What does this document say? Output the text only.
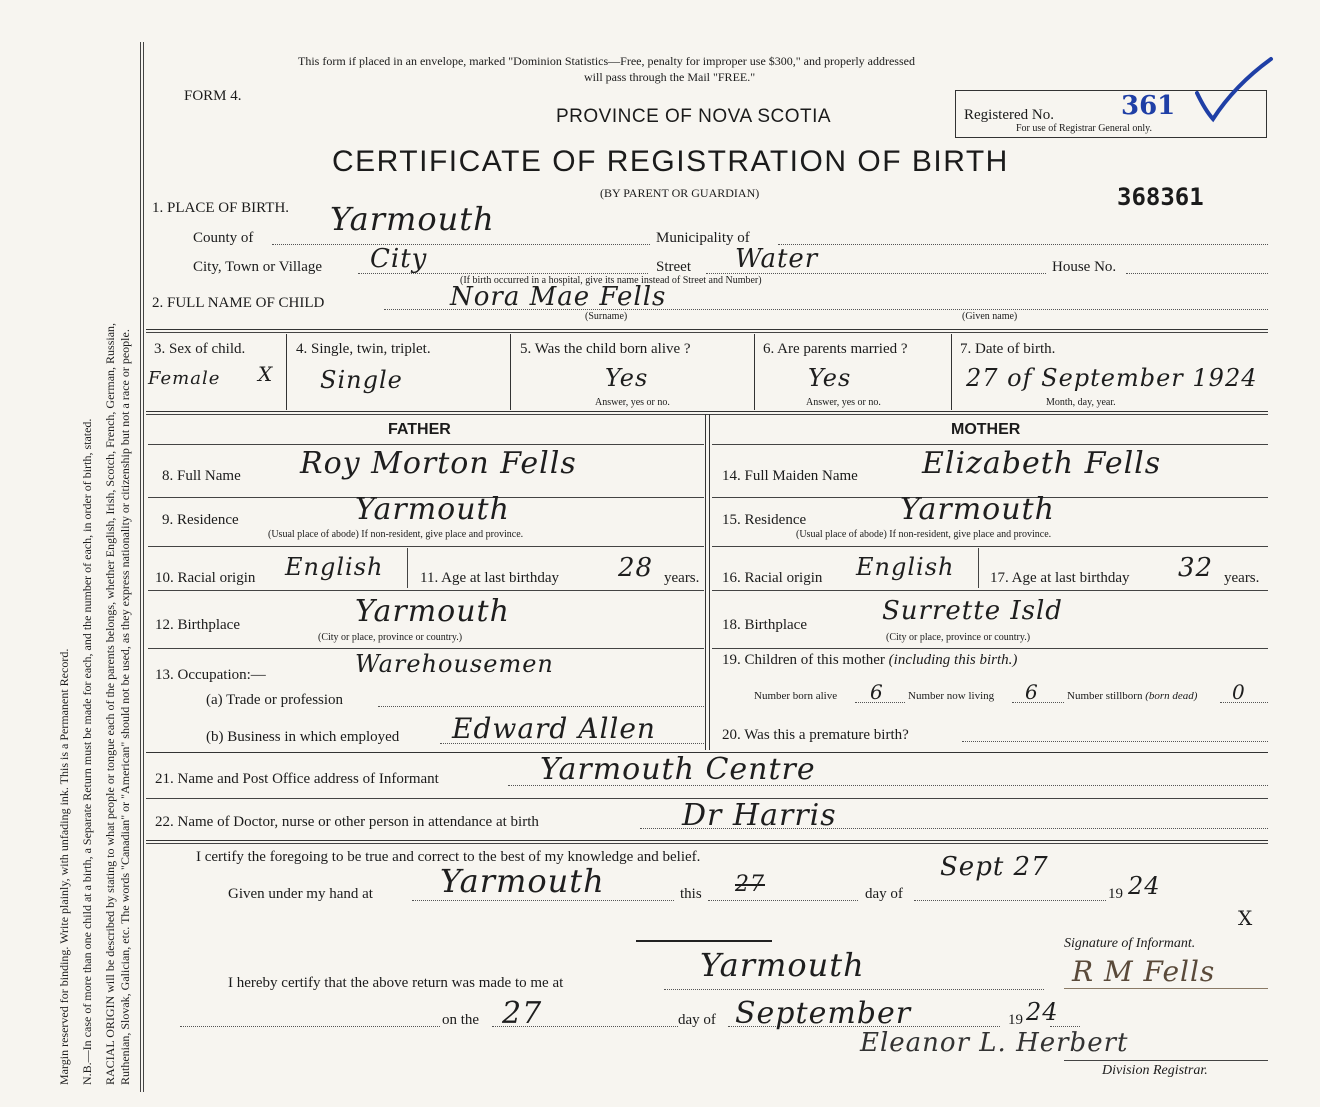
Margin reserved for binding. Write plainly, with unfading ink. This is a Permanent Record. N.B.—In case of more than one child at a birth, a Separate Return must be made for each, and the number of each, in order of birth, stated. RACIAL ORIGIN will be described by stating to what people or tongue each of the parents belongs, whether English, Irish, Scotch, French, German, Russian, Ruthenian, Slovak, Galician, etc. The words "Canadian" or "American" should not be used, as they express nationality or citizenship but not a race or people.
This form if placed in an envelope, marked "Dominion Statistics—Free, penalty for improper use $300," and properly addressed
will pass through the Mail "FREE."
FORM 4.
PROVINCE OF NOVA SCOTIA	Registered No.	361
For use of Registrar General only.
CERTIFICATE OF REGISTRATION OF BIRTH
(BY PARENT OR GUARDIAN)	368361
1. PLACE OF BIRTH.
County of Yarmouth	Municipality of
City, Town or Village City	Street Water	House No.
(If birth occurred in a hospital, give its name instead of Street and Number)
2. FULL NAME OF CHILD	Nora Mae Fells
(Surname)	(Given name)
3. Sex of child.
Female X
4. Single, twin, triplet.
Single
5. Was the child born alive ?
Yes
Answer, yes or no.
6. Are parents married ?
Yes
Answer, yes or no.
7. Date of birth.
27 of September 1924
Month, day, year.
FATHER	MOTHER
8. Full Name Roy Morton Fells
9. Residence	Yarmouth
(Usual place of abode) If non-resident, give place and province.
10. Racial origin English 11. Age at last birthday 28 years.
12. Birthplace	Yarmouth
(City or place, province or country.)
13. Occupation:—	Warehousemen
(a) Trade or profession
(b) Business in which employed Edward Allen
14. Full Maiden Name Elizabeth Fells
15. Residence	Yarmouth
(Usual place of abode) If non-resident, give place and province.
16. Racial origin English 17. Age at last birthday 32 years.
18. Birthplace	Surrette Isld
(City or place, province or country.)
19. Children of this mother (including this birth.)
Number born alive 6 Number now living 6	Number stillborn (born dead) 0
20. Was this a premature birth?
21. Name and Post Office address of Informant	Yarmouth Centre
22. Name of Doctor, nurse or other person in attendance at birth	Dr Harris
I certify the foregoing to be true and correct to the best of my knowledge and belief.
Given under my hand at Yarmouth	this 27	day of
Sept 27
19 24
X
Signature of Informant.
R M Fells
I hereby certify that the above return was made to me at	Yarmouth
on the 27	day of September	19 24
Eleanor L. Herbert
Division Registrar.
